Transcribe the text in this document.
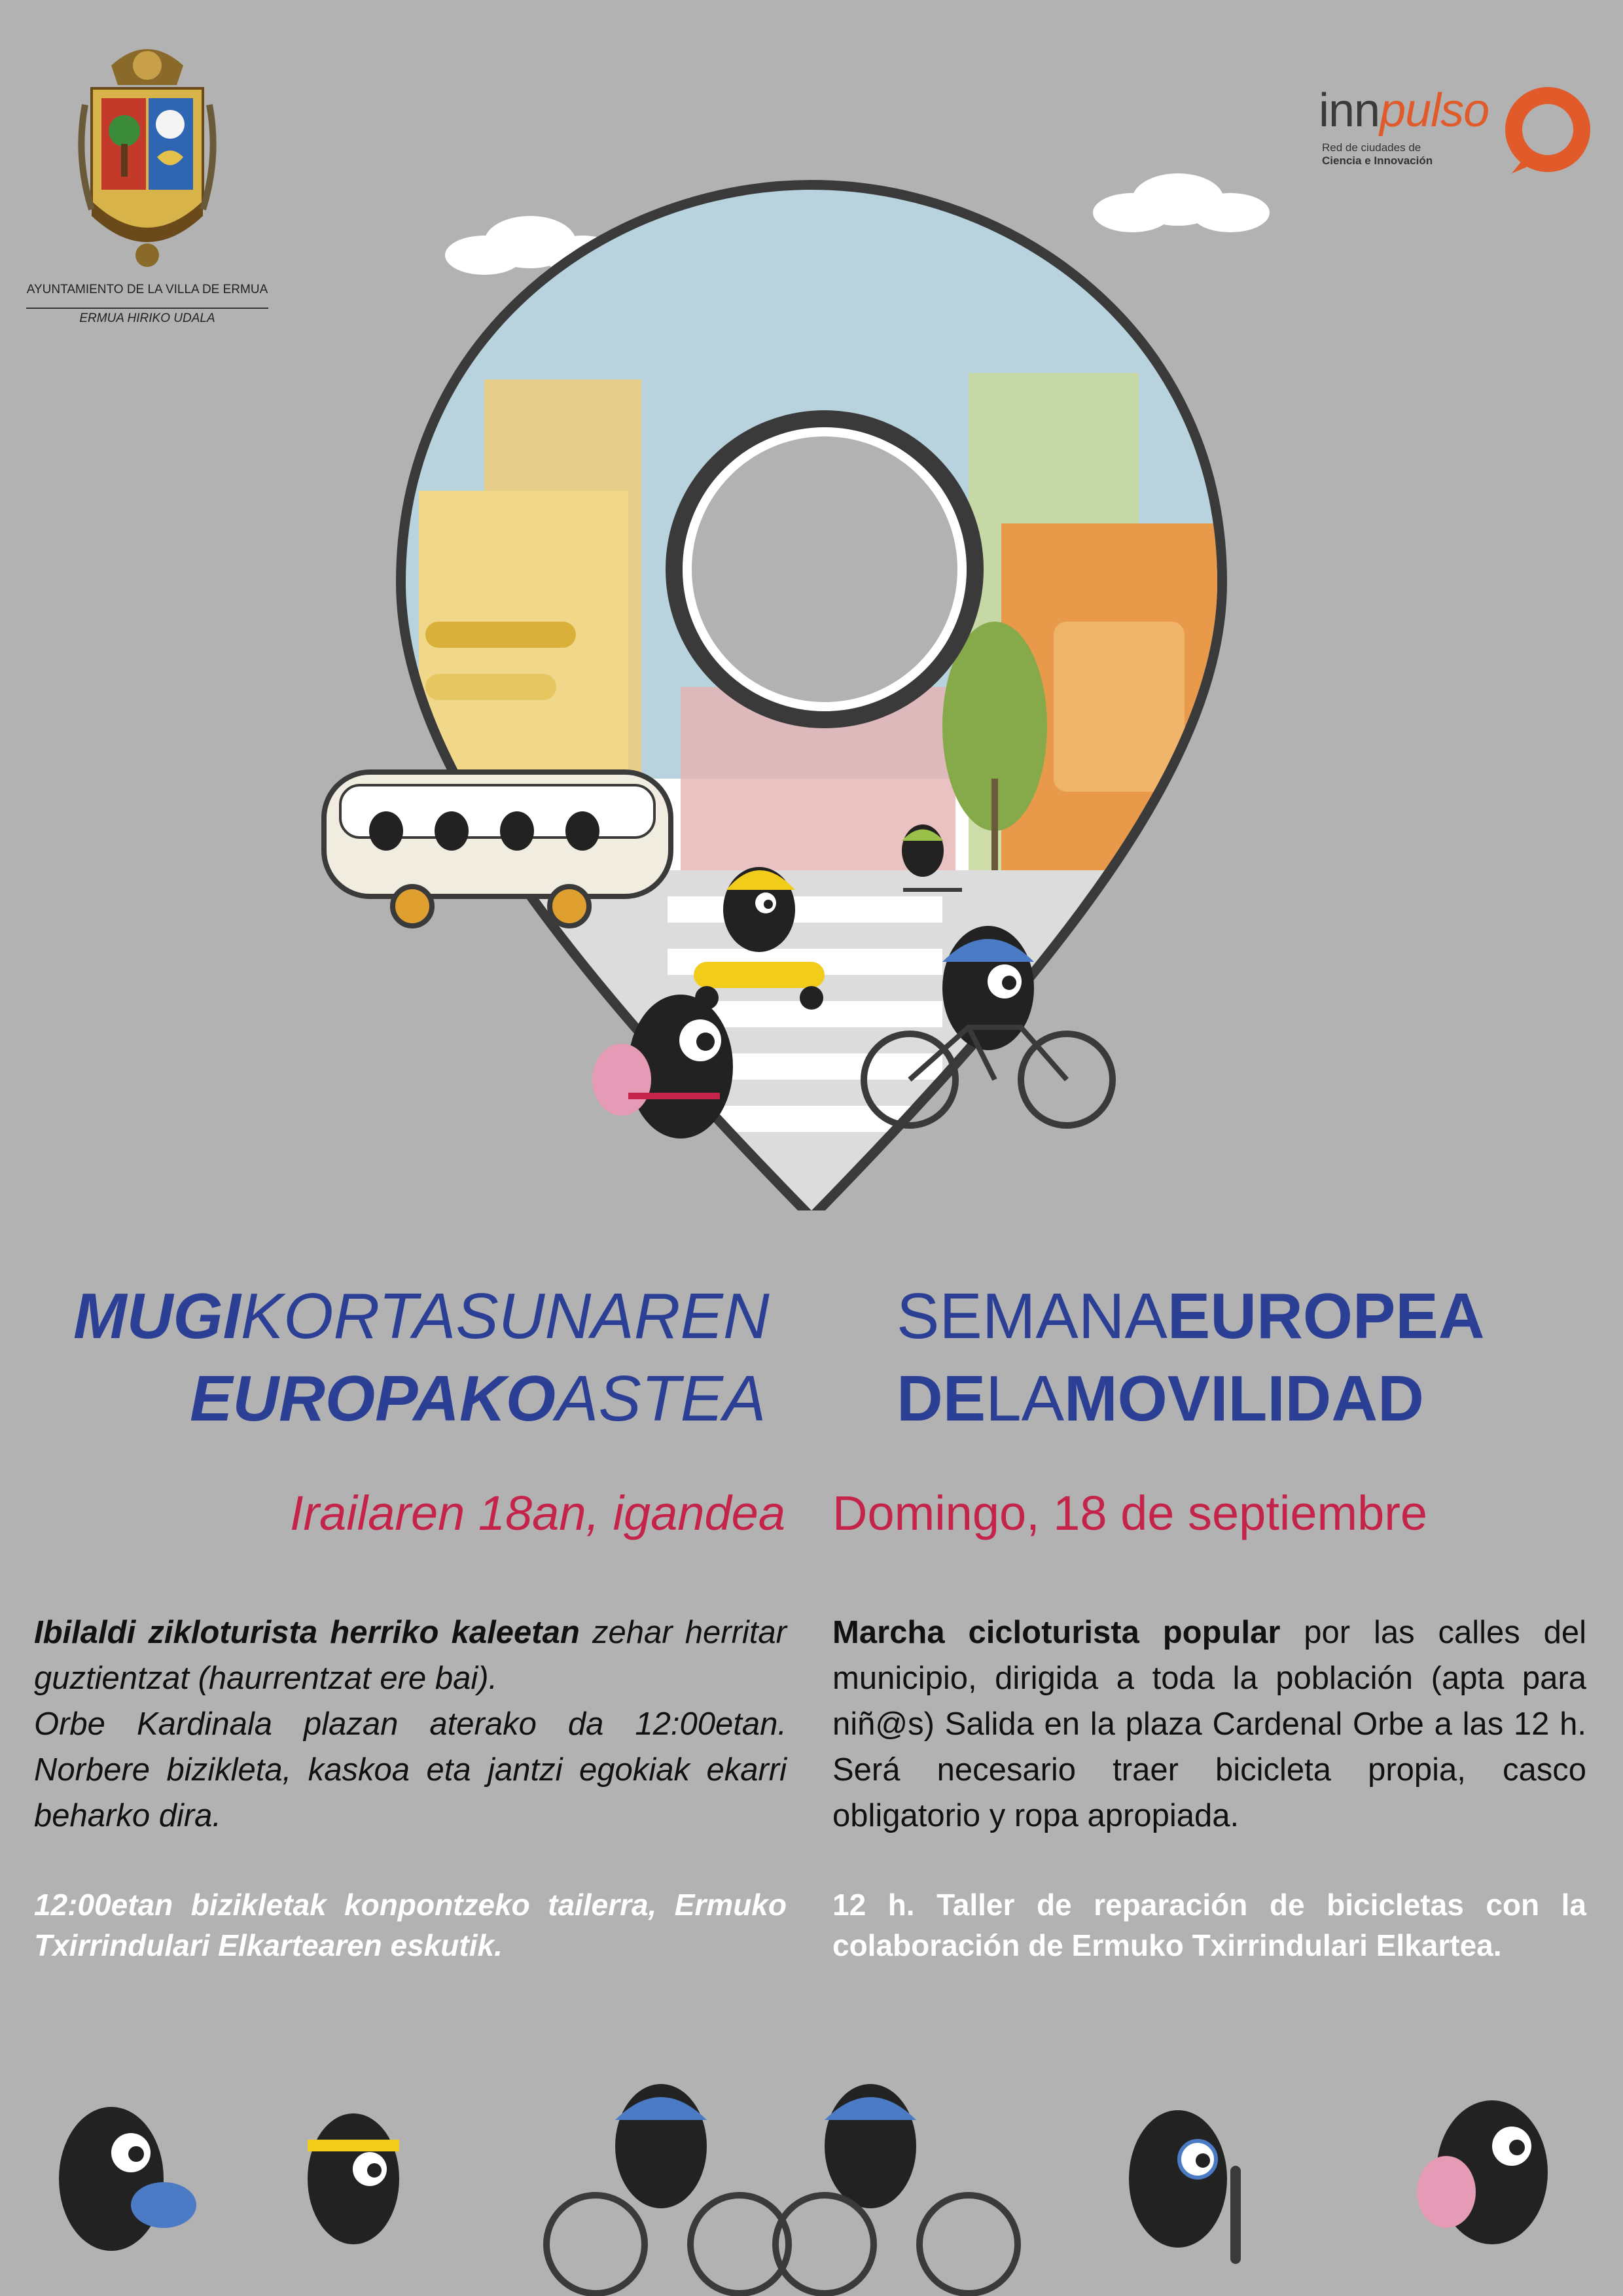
AYUNTAMIENTO DE LA VILLA DE ERMUA
ERMUA HIRIKO UDALA
innpulso
Red de ciudades de
Ciencia e Innovación
MUGIKORTASUNAREN
EUROPAKOASTEA
SEMANAEUROPEA
DELAMOVILIDAD
Irailaren 18an, igandea Domingo, 18 de septiembre
Ibilaldi zikloturista herriko kaleetan zehar herritar guztientzat (haurrentzat ere bai).
Orbe Kardinala plazan aterako da 12:00etan. Norbere bizikleta, kaskoa eta jantzi egokiak ekarri beharko dira.
Marcha cicloturista popular por las calles del municipio, dirigida a toda la población (apta para niñ@s) Salida en la plaza Cardenal Orbe a las 12 h. Será necesario traer bicicleta propia, casco obligatorio y ropa apropiada.
12:00etan bizikletak konpontzeko tailerra, Ermuko Txirrindulari Elkartearen eskutik.
12 h. Taller de reparación de bicicletas con la colaboración de Ermuko Txirrindulari Elkartea.
